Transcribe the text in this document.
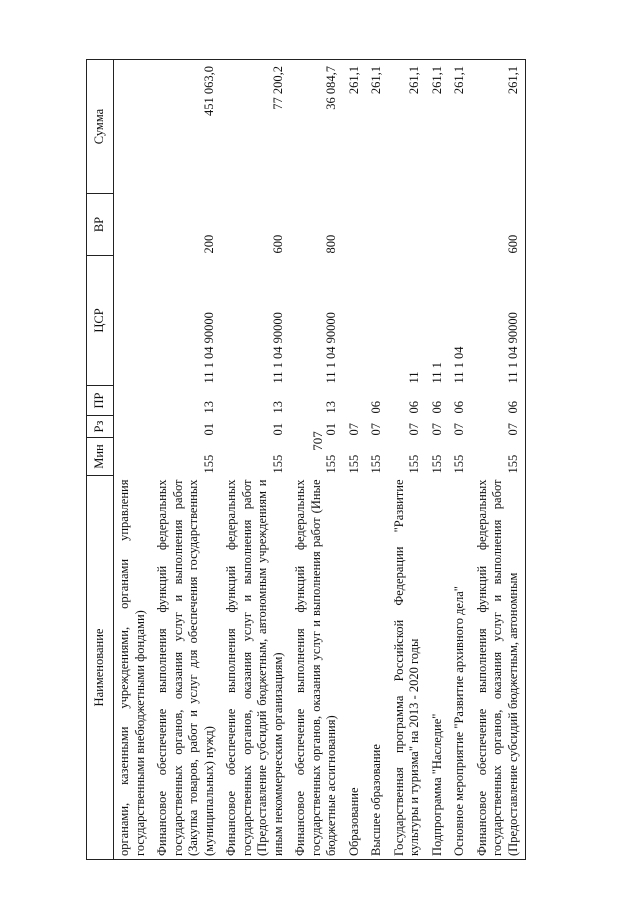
707
Наименование	Мин	Рз	ПР	ЦСР	ВР	Сумма
органами, казенными учреждениями, органами управления государственными внебюджетными фондами)						
Финансовое обеспечение выполнения функций федеральных государственных органов, оказания услуг и выполнения работ (Закупка товаров, работ и услуг для обеспечения государственных (муниципальных) нужд)	155	01	13	11 1 04 90000	200	451 063,0
Финансовое обеспечение выполнения функций федеральных государственных органов, оказания услуг и выполнения работ (Предоставление субсидий бюджетным, автономным учреждениям и иным некоммерческим организациям)	155	01	13	11 1 04 90000	600	77 200,2
Финансовое обеспечение выполнения функций федеральных государственных органов, оказания услуг и выполнения работ (Иные бюджетные ассигнования)	155	01	13	11 1 04 90000	800	36 084,7
Образование	155	07				261,1
Высшее образование	155	07	06			261,1
Государственная программа Российской Федерации "Развитие культуры и туризма" на 2013 - 2020 годы	155	07	06	11		261,1
Подпрограмма "Наследие"	155	07	06	11 1		261,1
Основное мероприятие "Развитие архивного дела"	155	07	06	11 1 04		261,1
Финансовое обеспечение выполнения функций федеральных государственных органов, оказания услуг и выполнения работ (Предоставление субсидий бюджетным, автономным	155	07	06	11 1 04 90000	600	261,1
